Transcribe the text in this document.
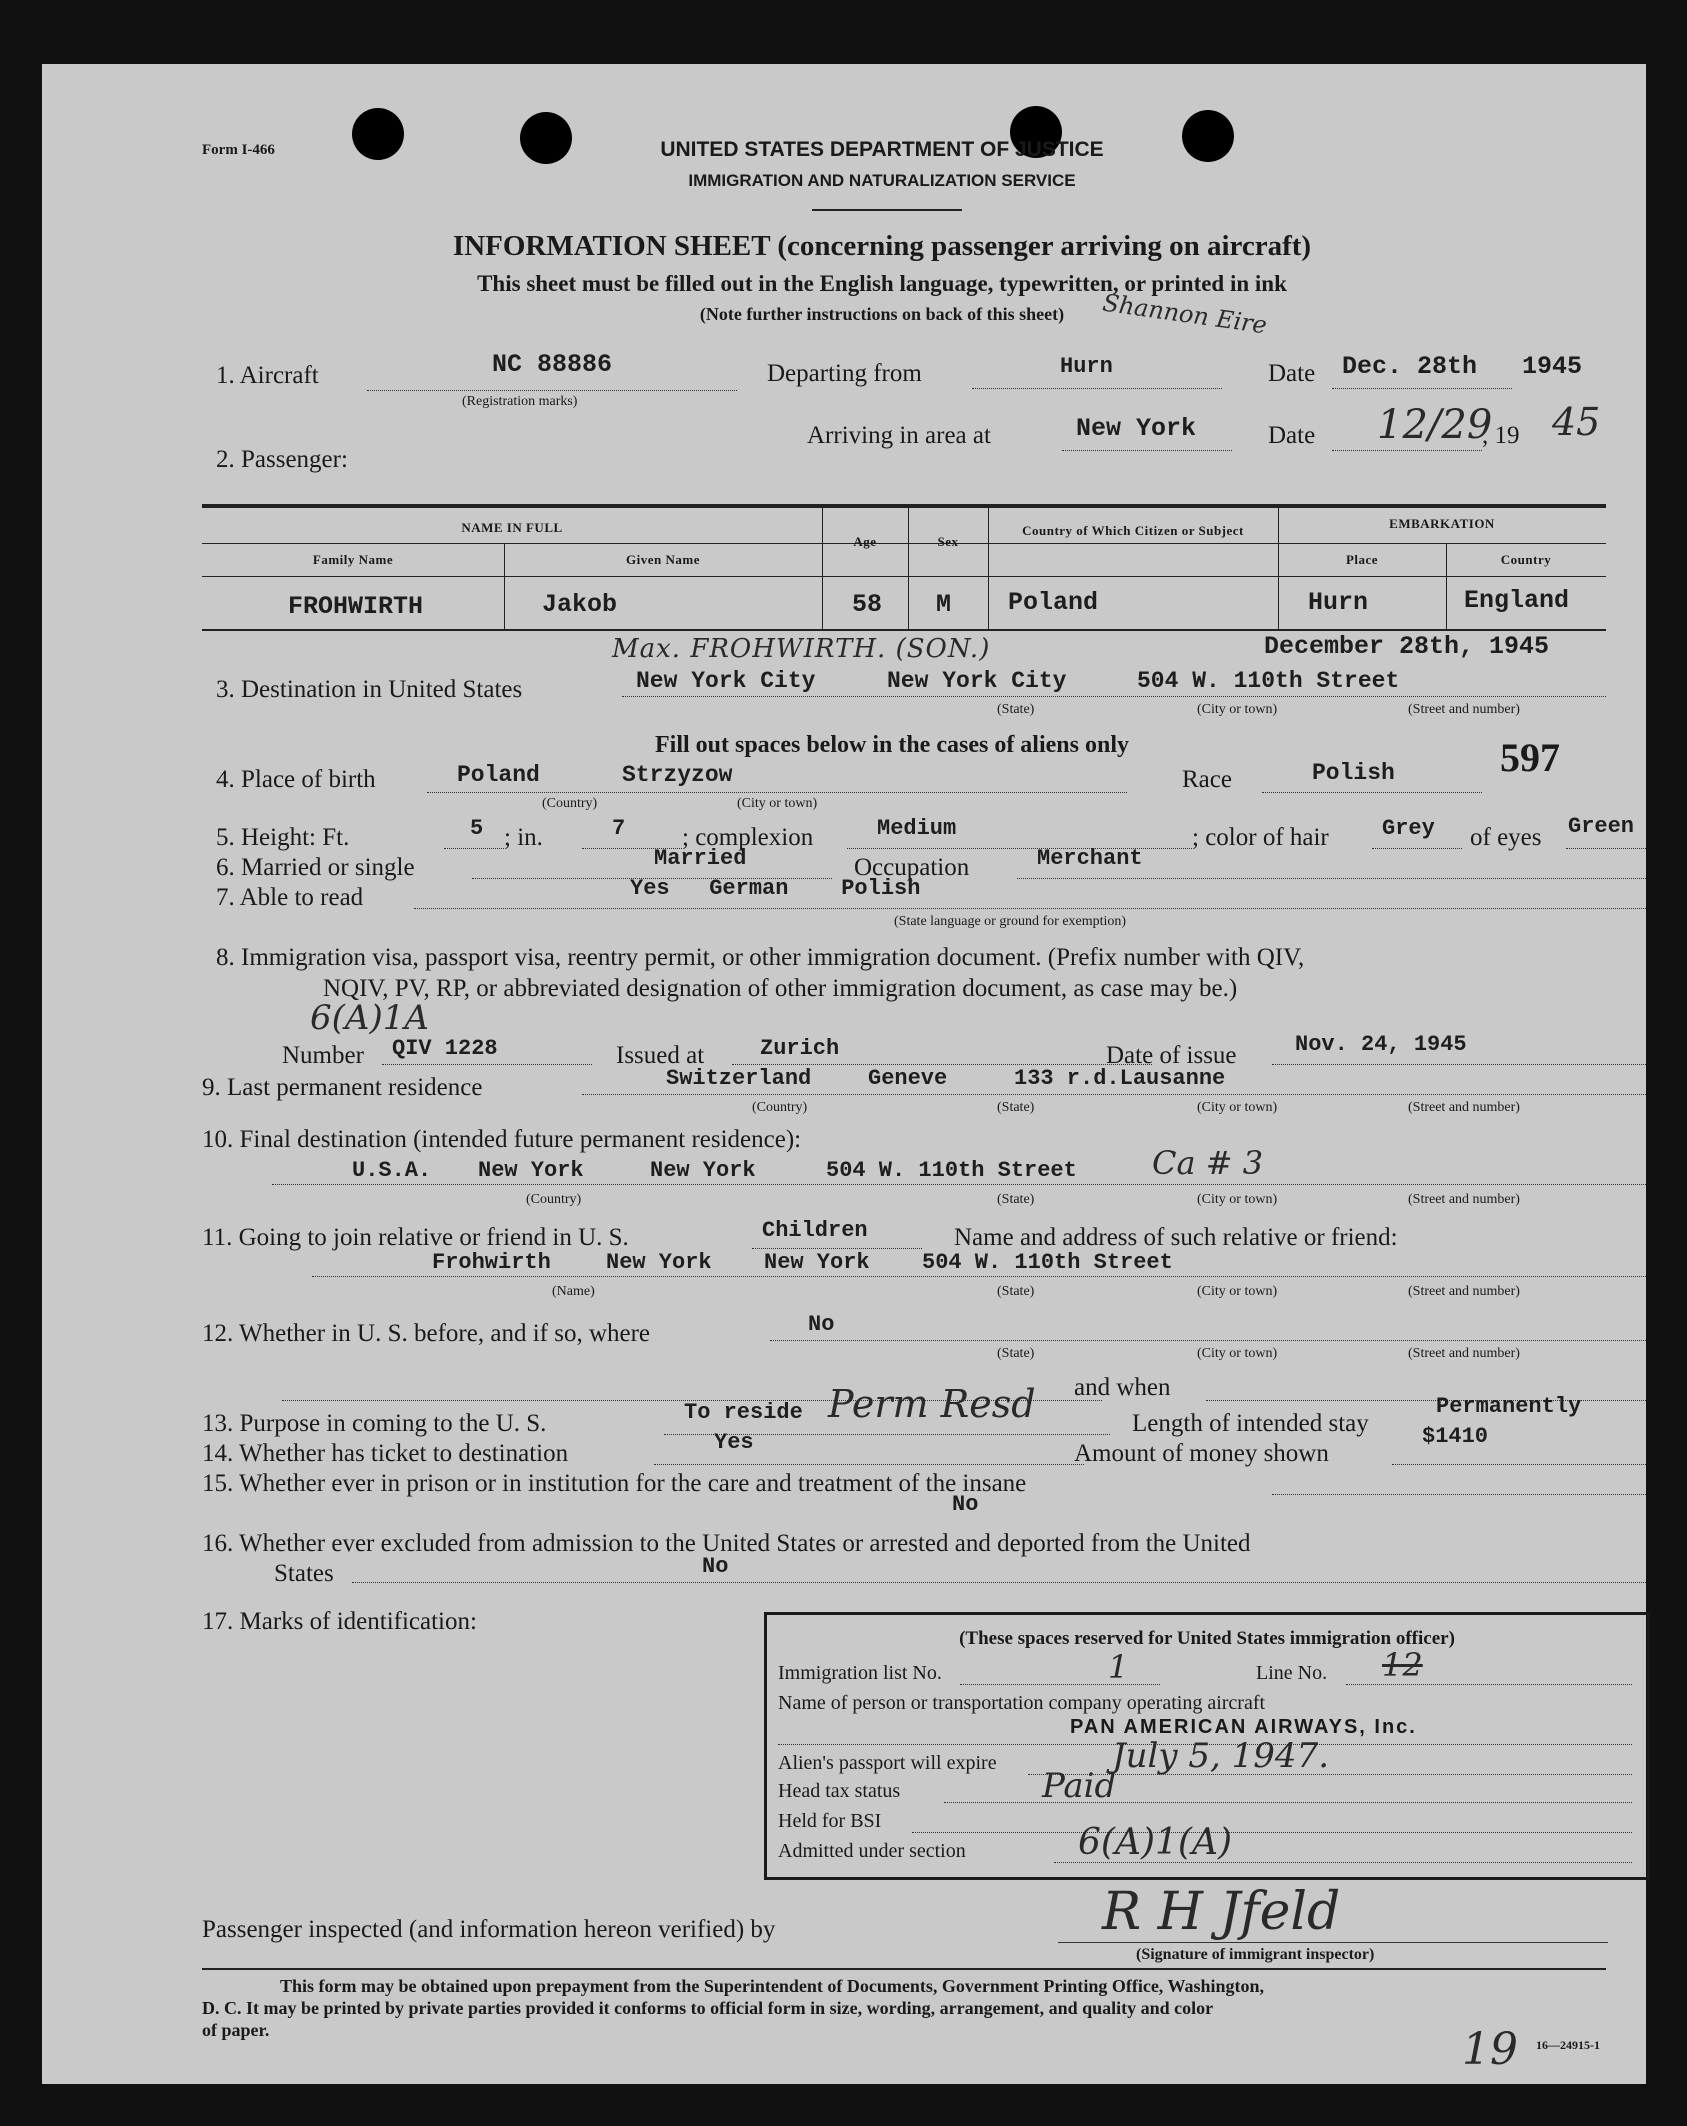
Form I-466	UNITED STATES DEPARTMENT OF JUSTICE
IMMIGRATION AND NATURALIZATION SERVICE
INFORMATION SHEET (concerning passenger arriving on aircraft)
This sheet must be filled out in the English language, typewritten, or printed in ink
(Note further instructions on back of this sheet)	Shannon Eire
1. Aircraft	NC 88886
(Registration marks)
Departing from	Hurn	Date Dec. 28th 1945
Arriving in area at	New York	Date 12/29
, 19 45
2. Passenger:
NAME IN FULL
Family Name	Given Name
Age	Sex
Country of Which Citizen or Subject	EMBARKATION
Place	Country
FROHWIRTH	Jakob	58 M Poland	Hurn	England
Max. FROHWIRTH. (SON.)	December 28th, 1945
3. Destination in United States	New York City	New York City	504 W. 110th Street
(State)	(City or town)	(Street and number)
Fill out spaces below in the cases of aliens only
4. Place of birth	Poland	Strzyzow
(Country)	(City or town)
Race	Polish	597
5. Height: Ft.	5 ; in.	7 ; complexion	Medium	; color of hair Grey of eyes Green
6. Married or single	Married	Occupation	Merchant
7. Able to read	Yes   German    Polish
(State language or ground for exemption)
8. Immigration visa, passport visa, reentry permit, or other immigration document. (Prefix number with QIV,
NQIV, PV, RP, or abbreviated designation of other immigration document, as case may be.)
6(A)1A
Number QIV 1228	Issued at	Zurich	Date of issue	Nov. 24, 1945
9. Last permanent residence	Switzerland	Geneve	133 r.d.Lausanne
(Country)	(State)	(City or town)	(Street and number)
10. Final destination (intended future permanent residence):
U.S.A. New York	New York	504 W. 110th Street Ca # 3
(Country)	(State)	(City or town)	(Street and number)
11. Going to join relative or friend in U. S.	Children	Name and address of such relative or friend:
Frohwirth	New York New York 504 W. 110th Street
(Name)	(State)	(City or town)	(Street and number)
12. Whether in U. S. before, and if so, where	No
(State)	(City or town)	(Street and number)
and when
13. Purpose in coming to the U. S.	To reside Perm Resd	Length of intended stay
Permanently
14. Whether has ticket to destination	Yes	Amount of money shown
$1410
15. Whether ever in prison or in institution for the care and treatment of the insane
No
16. Whether ever excluded from admission to the United States or arrested and deported from the United
States	No
17. Marks of identification:
(These spaces reserved for United States immigration officer)
Immigration list No.	1	Line No. 12
Name of person or transportation company operating aircraft
PAN AMERICAN AIRWAYS, Inc.
Alien's passport will expire	July 5, 1947.
Head tax status	Paid
Held for BSI
Admitted under section	6(A)1(A)
Passenger inspected (and information hereon verified) by	R H Jfeld
(Signature of immigrant inspector)
This form may be obtained upon prepayment from the Superintendent of Documents, Government Printing Office, Washington,
D. C. It may be printed by private parties provided it conforms to official form in size, wording, arrangement, and quality and color
of paper.	19 16—24915-1
